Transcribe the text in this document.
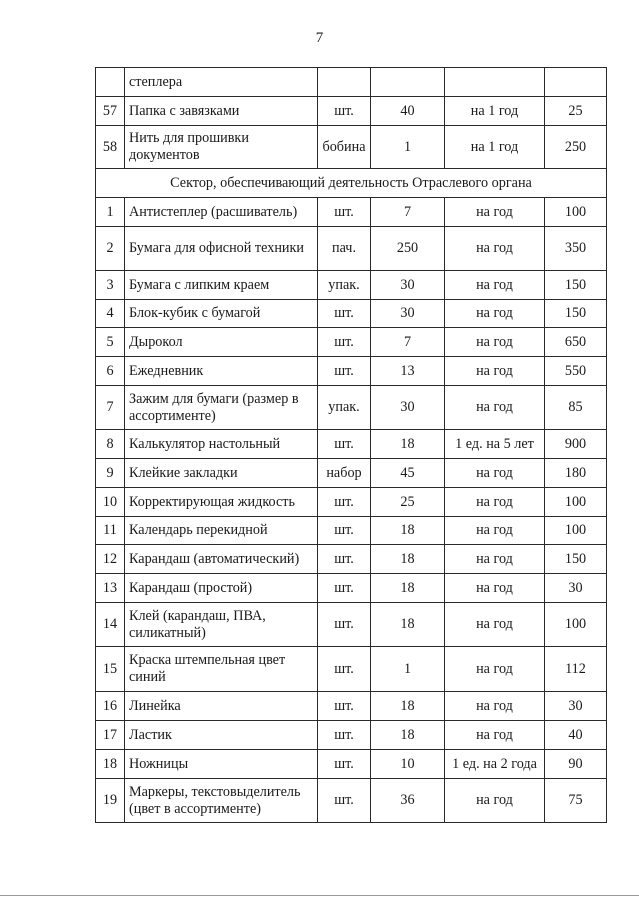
7
	степлера				
57	Папка с завязками	шт.	40	на 1 год	25
58	Нить для прошивки документов	бобина	1	на 1 год	250
Сектор, обеспечивающий деятельность Отраслевого органа					
1	Антистеплер (расшиватель)	шт.	7	на год	100
2	Бумага для офисной техники	пач.	250	на год	350
3	Бумага с липким краем	упак.	30	на год	150
4	Блок-кубик с бумагой	шт.	30	на год	150
5	Дырокол	шт.	7	на год	650
6	Ежедневник	шт.	13	на год	550
7	Зажим для бумаги (размер в ассортименте)	упак.	30	на год	85
8	Калькулятор настольный	шт.	18	1 ед. на 5 лет	900
9	Клейкие закладки	набор	45	на год	180
10	Корректирующая жидкость	шт.	25	на год	100
11	Календарь перекидной	шт.	18	на год	100
12	Карандаш (автоматический)	шт.	18	на год	150
13	Карандаш (простой)	шт.	18	на год	30
14	Клей (карандаш, ПВА, силикатный)	шт.	18	на год	100
15	Краска штемпельная цвет синий	шт.	1	на год	112
16	Линейка	шт.	18	на год	30
17	Ластик	шт.	18	на год	40
18	Ножницы	шт.	10	1 ед. на 2 года	90
19	Маркеры, текстовыделитель (цвет в ассортименте)	шт.	36	на год	75
